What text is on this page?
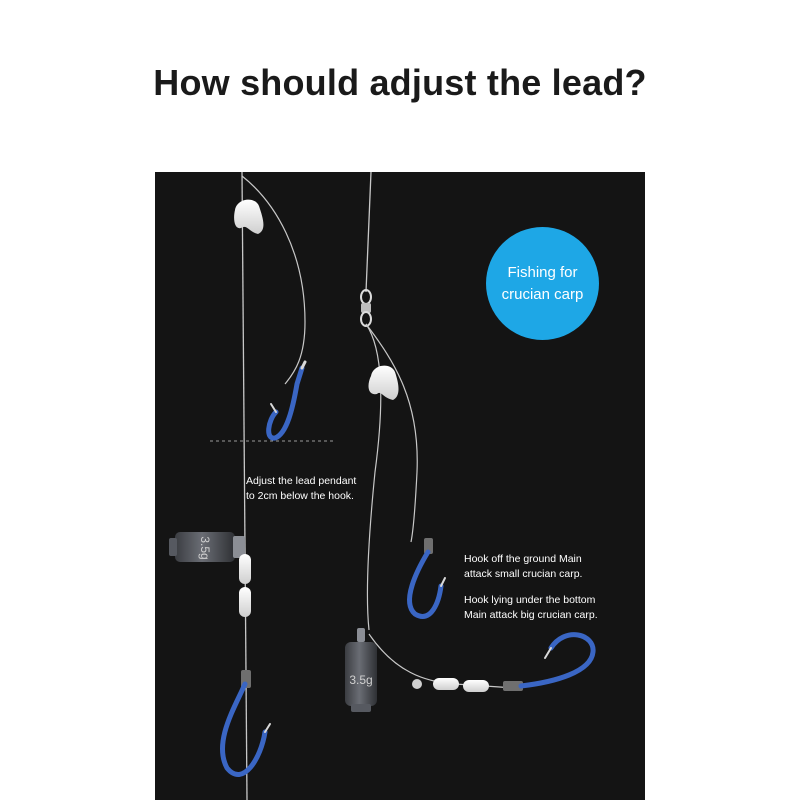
How should adjust the lead?
3.5g
3.5g
Fishing for
crucian carp
Adjust the lead pendant
to 2cm below the hook.
Hook off the ground Main
attack small crucian carp.
Hook lying under the bottom
Main attack big crucian carp.
